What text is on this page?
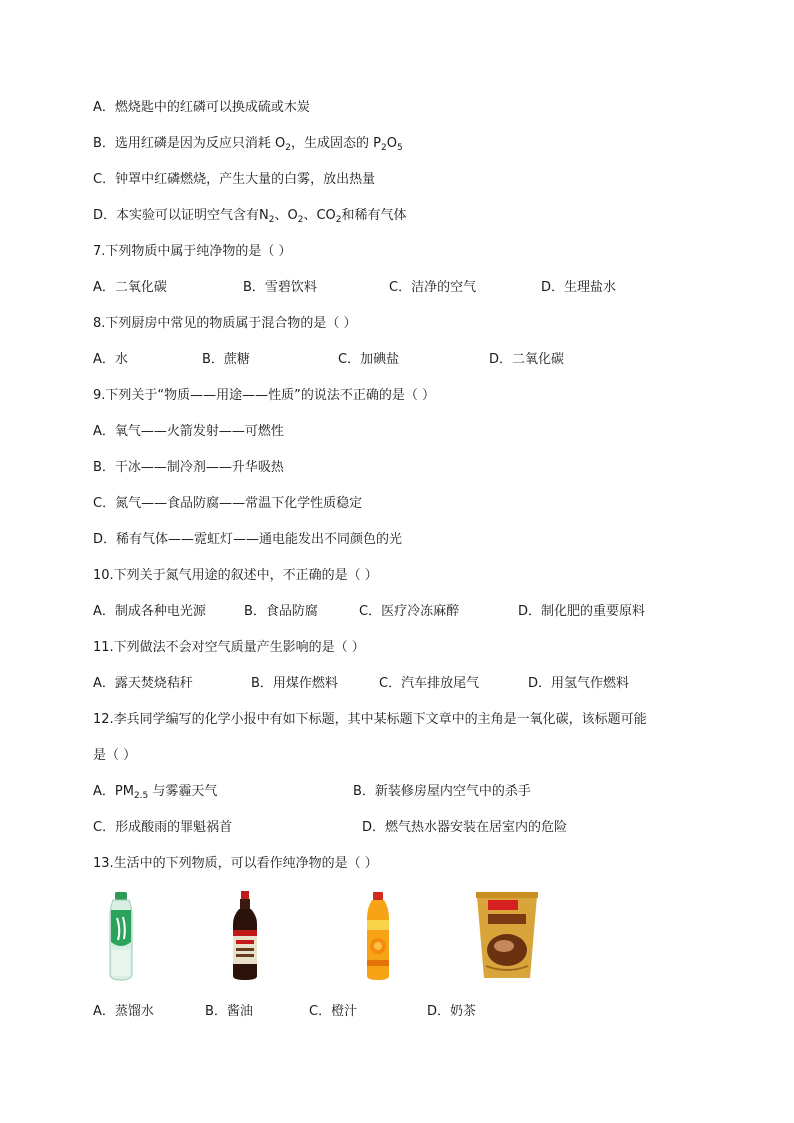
A．燃烧匙中的红磷可以换成硫或木炭
B．选用红磷是因为反应只消耗 $O_2$，生成固态的 $P_2O_5$
C．钟罩中红磷燃烧，产生大量的白雾，放出热量
D．本实验可以证明空气含有$N_2$、$O_2$、$CO_2$和稀有气体
7.下列物质中属于纯净物的是（ ）
A．二氧化碳	B．雪碧饮料	C．洁净的空气	D．生理盐水
8.下列厨房中常见的物质属于混合物的是（ ）
A．水	B．蔗糖	C．加碘盐	D．二氧化碳
9.下列关于“物质——用途——性质”的说法不正确的是（ ）
A．氧气——火箭发射——可燃性
B．干冰——制冷剂——升华吸热
C．氮气——食品防腐——常温下化学性质稳定
D．稀有气体——霓虹灯——通电能发出不同颜色的光
10.下列关于氮气用途的叙述中，不正确的是（ ）
A．制成各种电光源	B．食品防腐	C．医疗冷冻麻醉	D．制化肥的重要原料
11.下列做法不会对空气质量产生影响的是（ ）
A．露天焚烧秸秆	B．用煤作燃料	C．汽车排放尾气	D．用氢气作燃料
12.李兵同学编写的化学小报中有如下标题，其中某标题下文章中的主角是一氧化碳，该标题可能
是（ ）
A．$PM_{2.5}$ 与雾霾天气	B．新装修房屋内空气中的杀手
C．形成酸雨的罪魁祸首	D．燃气热水器安装在居室内的危险
13.生活中的下列物质，可以看作纯净物的是（ ）
A．蒸馏水	B．酱油	C．橙汁	D．奶茶
